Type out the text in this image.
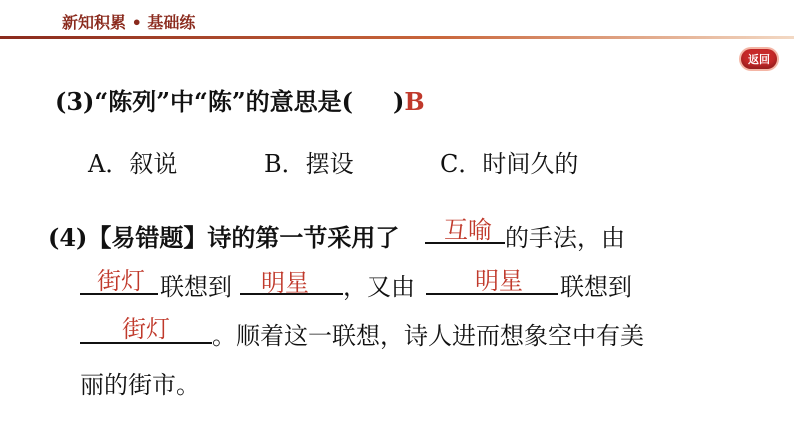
新知积累 • 基础练
返回
(3)“陈列”中“陈”的意思是( )B
A．叙说	B．摆设	C．时间久的
(4)【易错题】诗的第一节采用了 互喻 的手法，由
街灯 联想到 明星 ，又由	明星 联想到
街灯 。顺着这一联想，诗人进而想象空中有美
丽的街市。
